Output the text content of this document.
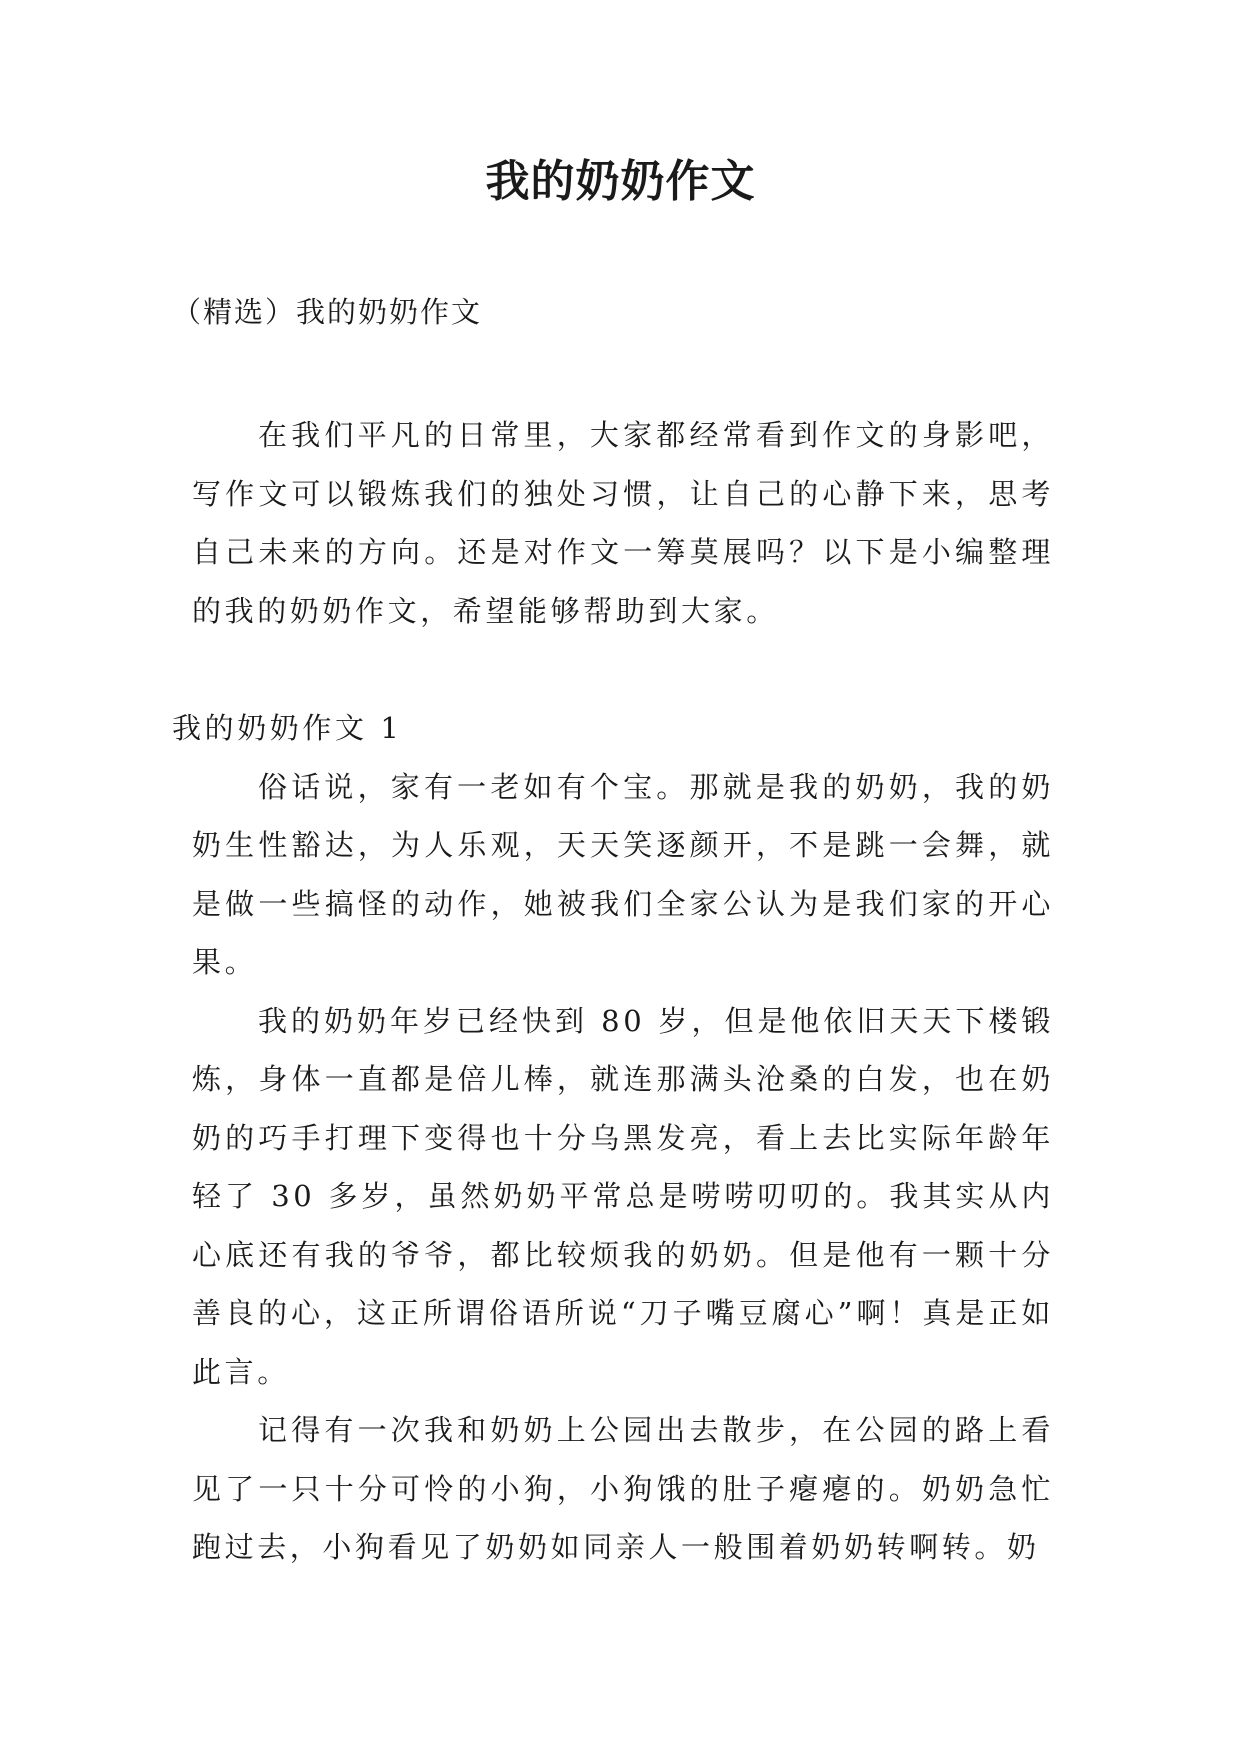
我的奶奶作文
（精选）我的奶奶作文

在我们平凡的日常里，大家都经常看到作文的身影吧，写作文可以锻炼我们的独处习惯，让自己的心静下来，思考自己未来的方向。还是对作文一筹莫展吗？以下是小编整理的我的奶奶作文，希望能够帮助到大家。

我的奶奶作文 1

俗话说，家有一老如有个宝。那就是我的奶奶，我的奶奶生性豁达，为人乐观，天天笑逐颜开，不是跳一会舞，就是做一些搞怪的动作，她被我们全家公认为是我们家的开心果。

我的奶奶年岁已经快到 80 岁，但是他依旧天天下楼锻炼，身体一直都是倍儿棒，就连那满头沧桑的白发，也在奶奶的巧手打理下变得也十分乌黑发亮，看上去比实际年龄年轻了 30 多岁，虽然奶奶平常总是唠唠叨叨的。我其实从内心底还有我的爷爷，都比较烦我的奶奶。但是他有一颗十分善良的心，这正所谓俗语所说“刀子嘴豆腐心”啊！真是正如此言。

记得有一次我和奶奶上公园出去散步，在公园的路上看见了一只十分可怜的小狗，小狗饿的肚子瘪瘪的。奶奶急忙跑过去，小狗看见了奶奶如同亲人一般围着奶奶转啊转。奶
